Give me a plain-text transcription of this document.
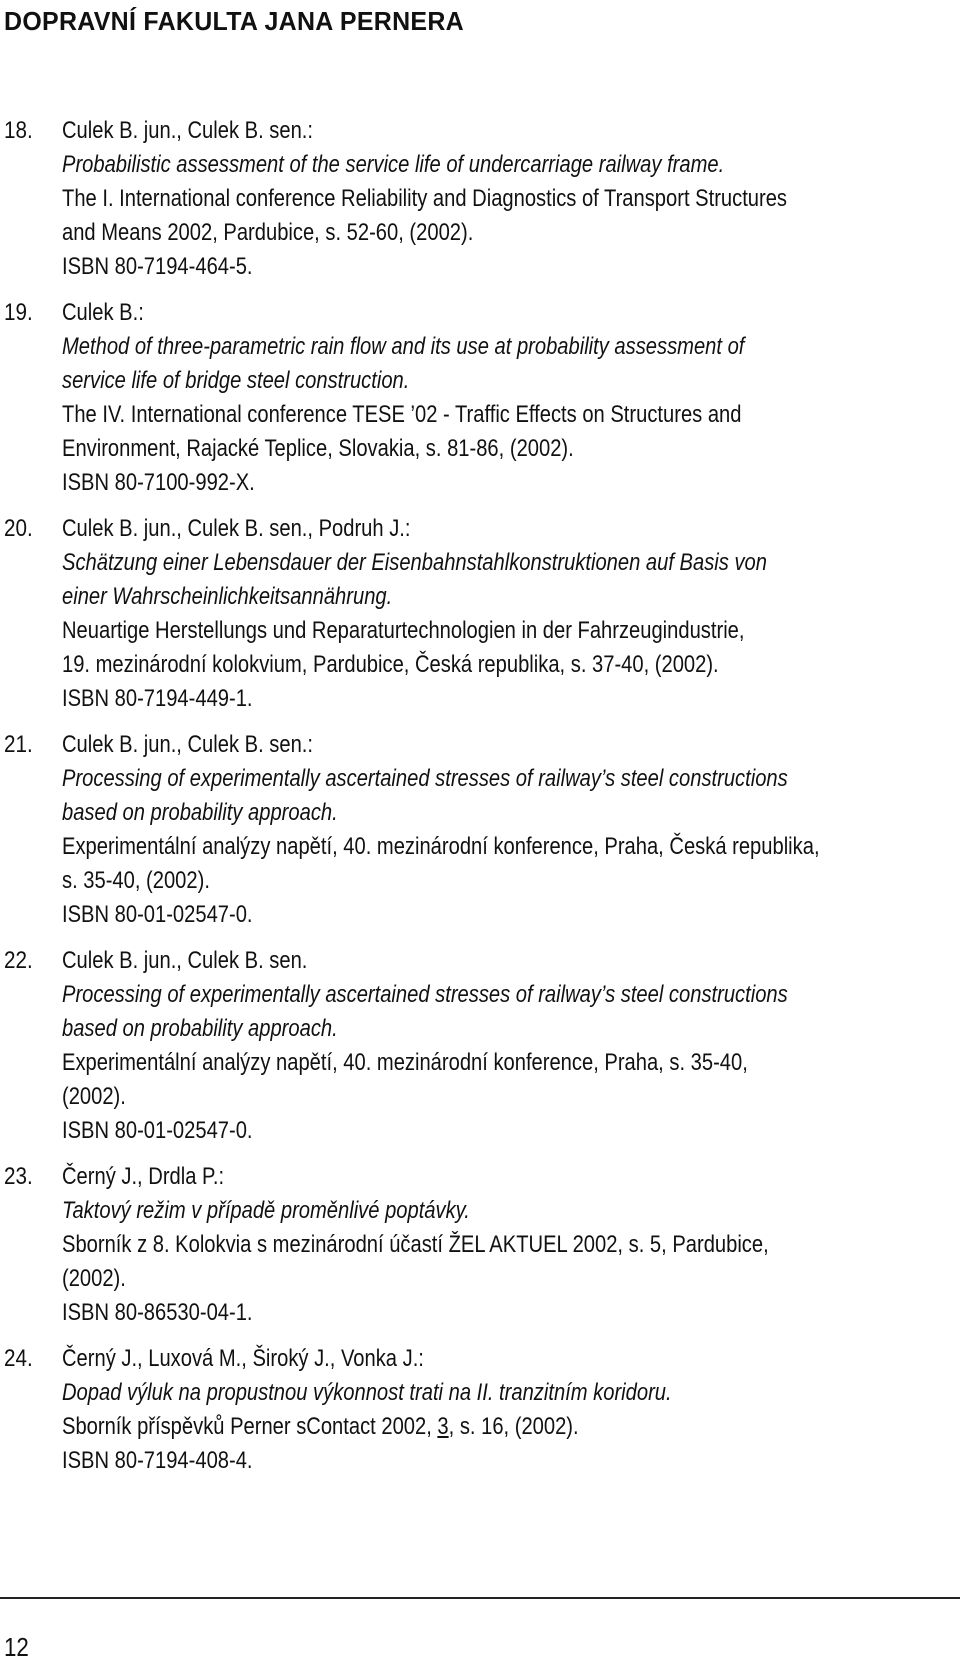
DOPRAVNÍ FAKULTA JANA PERNERA
18. Culek B. jun., Culek B. sen.:
Probabilistic assessment of the service life of undercarriage railway frame.
The I. International conference Reliability and Diagnostics of Transport Structures
and Means 2002, Pardubice, s. 52-60, (2002).
ISBN 80-7194-464-5.
19. Culek B.:
Method of three-parametric rain flow and its use at probability assessment of
service life of bridge steel construction.
The IV. International conference TESE ’02 - Traffic Effects on Structures and
Environment, Rajacké Teplice, Slovakia, s. 81-86, (2002).
ISBN 80-7100-992-X.
20. Culek B. jun., Culek B. sen., Podruh J.:
Schätzung einer Lebensdauer der Eisenbahnstahlkonstruktionen auf Basis von
einer Wahrscheinlichkeitsannährung.
Neuartige Herstellungs und Reparaturtechnologien in der Fahrzeugindustrie,
19. mezinárodní kolokvium, Pardubice, Česká republika, s. 37-40, (2002).
ISBN 80-7194-449-1.
21. Culek B. jun., Culek B. sen.:
Processing of experimentally ascertained stresses of railway’s steel constructions
based on probability approach.
Experimentální analýzy napětí, 40. mezinárodní konference, Praha, Česká republika,
s. 35-40, (2002).
ISBN 80-01-02547-0.
22. Culek B. jun., Culek B. sen.
Processing of experimentally ascertained stresses of railway’s steel constructions
based on probability approach.
Experimentální analýzy napětí, 40. mezinárodní konference, Praha, s. 35-40,
(2002).
ISBN 80-01-02547-0.
23. Černý J., Drdla P.:
Taktový režim v případě proměnlivé poptávky.
Sborník z 8. Kolokvia s mezinárodní účastí ŽEL AKTUEL 2002, s. 5, Pardubice,
(2002).
ISBN 80-86530-04-1.
24. Černý J., Luxová M., Široký J., Vonka J.:
Dopad výluk na propustnou výkonnost trati na II. tranzitním koridoru.
Sborník příspěvků Perner sContact 2002, 3, s. 16, (2002).
ISBN 80-7194-408-4.
12
